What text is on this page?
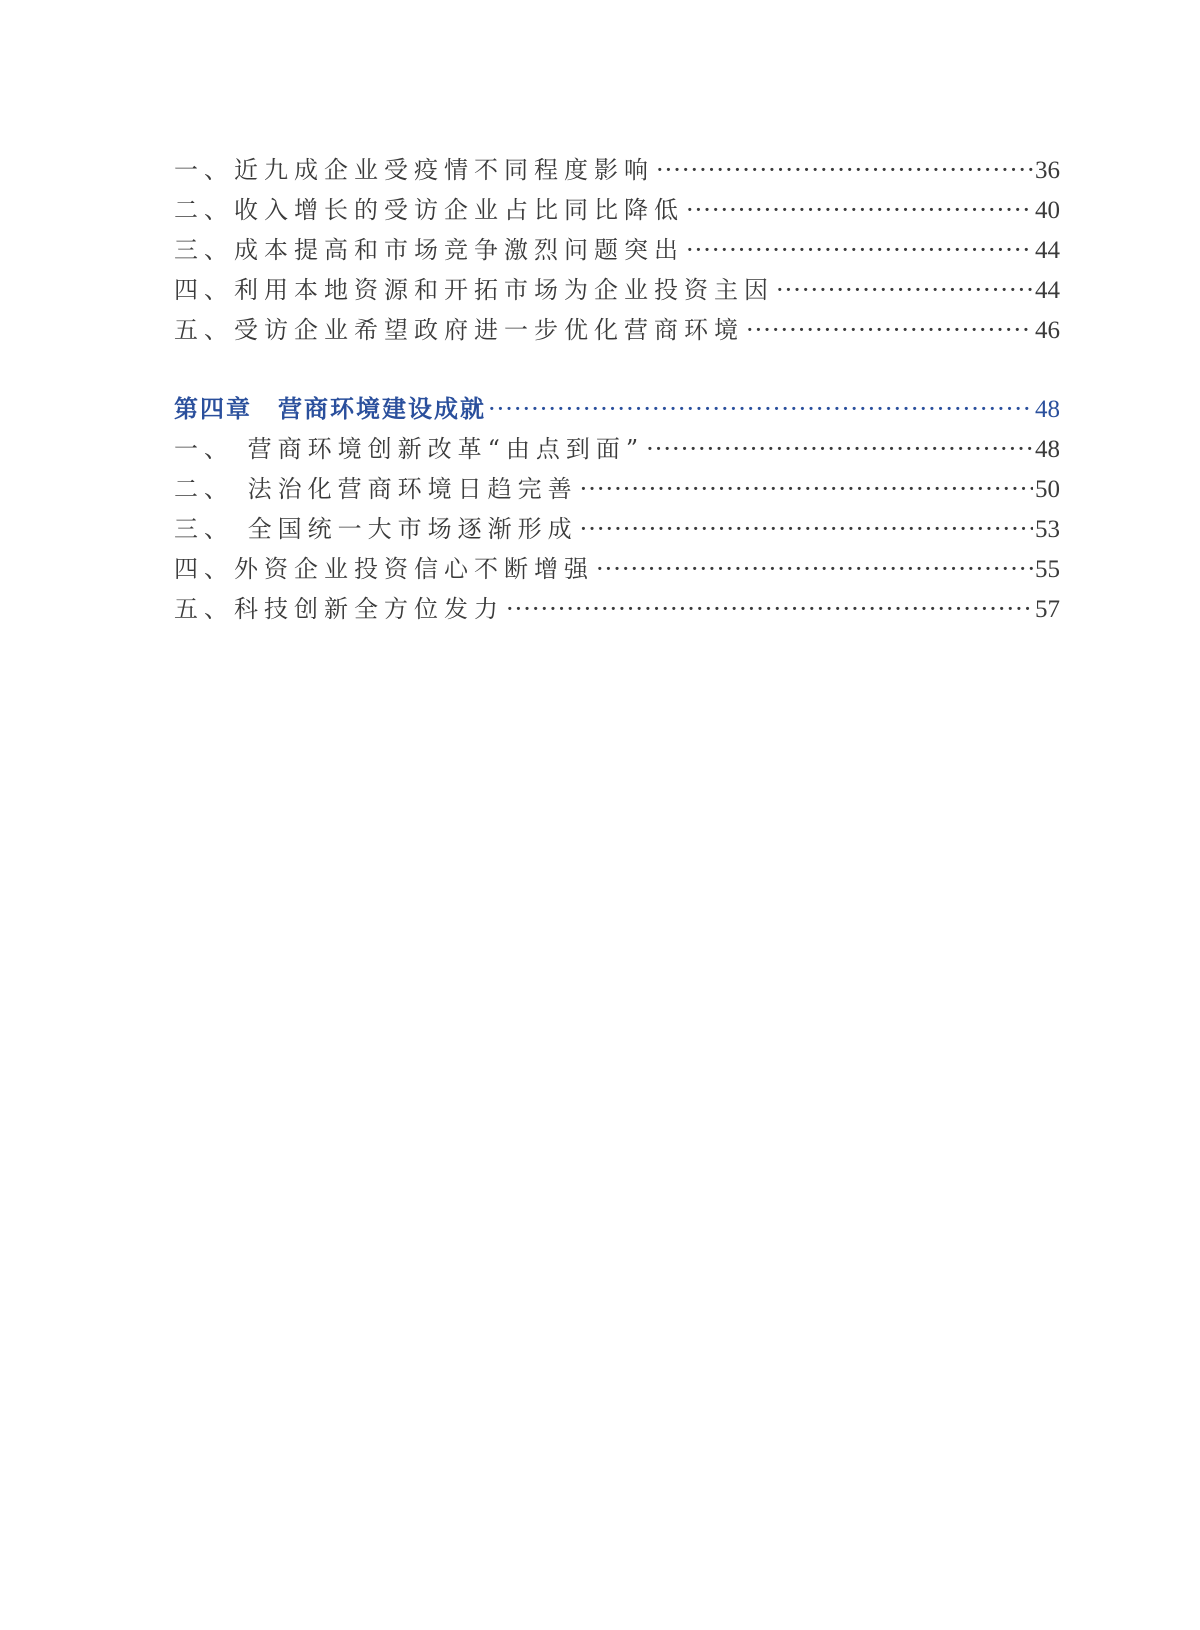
一、近九成企业受疫情不同程度影响 ·····	36
二、收入增长的受访企业占比同比降低 ·····	40
三、成本提高和市场竞争激烈问题突出 ·····	44
四、利用本地资源和开拓市场为企业投资主因 ·····	44
五、受访企业希望政府进一步优化营商环境 ·····	46
第四章　营商环境建设成就 ·····	48
一、 营商环境创新改革“由点到面” ·····	48
二、 法治化营商环境日趋完善 ·····	50
三、 全国统一大市场逐渐形成 ·····	53
四、外资企业投资信心不断增强 ·····	55
五、科技创新全方位发力 ·····	57
